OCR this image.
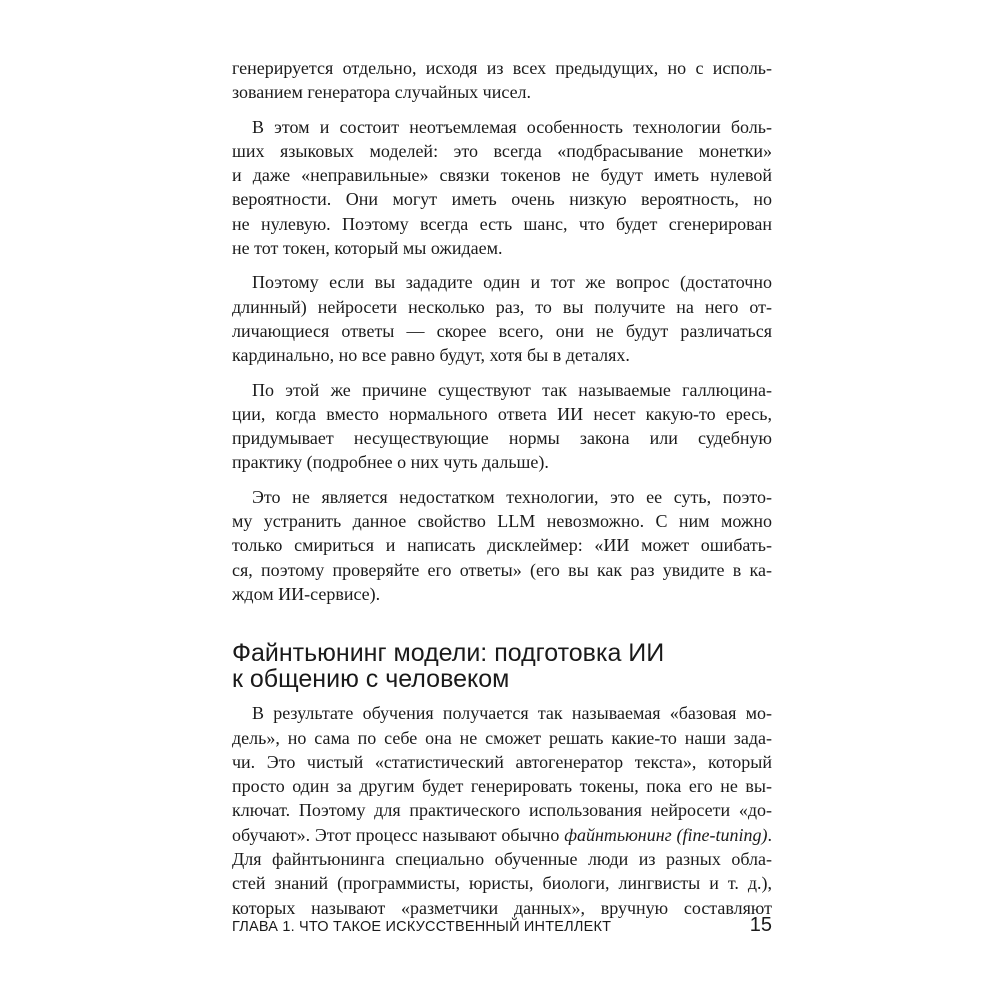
генерируется отдельно, исходя из всех предыдущих, но с исполь-
зованием генератора случайных чисел.
В этом и состоит неотъемлемая особенность технологии боль-
ших языковых моделей: это всегда «подбрасывание монетки»
и даже «неправильные» связки токенов не будут иметь нулевой
вероятности. Они могут иметь очень низкую вероятность, но
не нулевую. Поэтому всегда есть шанс, что будет сгенерирован
не тот токен, который мы ожидаем.
Поэтому если вы зададите один и тот же вопрос (достаточно
длинный) нейросети несколько раз, то вы получите на него от-
личающиеся ответы — скорее всего, они не будут различаться
кардинально, но все равно будут, хотя бы в деталях.
По этой же причине существуют так называемые галлюцина-
ции, когда вместо нормального ответа ИИ несет какую-то ересь,
придумывает несуществующие нормы закона или судебную
практику (подробнее о них чуть дальше).
Это не является недостатком технологии, это ее суть, поэто-
му устранить данное свойство LLM невозможно. С ним можно
только смириться и написать дисклеймер: «ИИ может ошибать-
ся, поэтому проверяйте его ответы» (его вы как раз увидите в ка-
ждом ИИ-сервисе).
Файнтьюнинг модели: подготовка ИИ
к общению с человеком
В результате обучения получается так называемая «базовая мо-
дель», но сама по себе она не сможет решать какие-то наши зада-
чи. Это чистый «статистический автогенератор текста», который
просто один за другим будет генерировать токены, пока его не вы-
ключат. Поэтому для практического использования нейросети «до-
обучают». Этот процесс называют обычно файнтьюнинг (fine-tuning).
Для файнтьюнинга специально обученные люди из разных обла-
стей знаний (программисты, юристы, биологи, лингвисты и т. д.),
которых называют «разметчики данных», вручную составляют
ГЛАВА 1. ЧТО ТАКОЕ ИСКУССТВЕННЫЙ ИНТЕЛЛЕКТ	15
